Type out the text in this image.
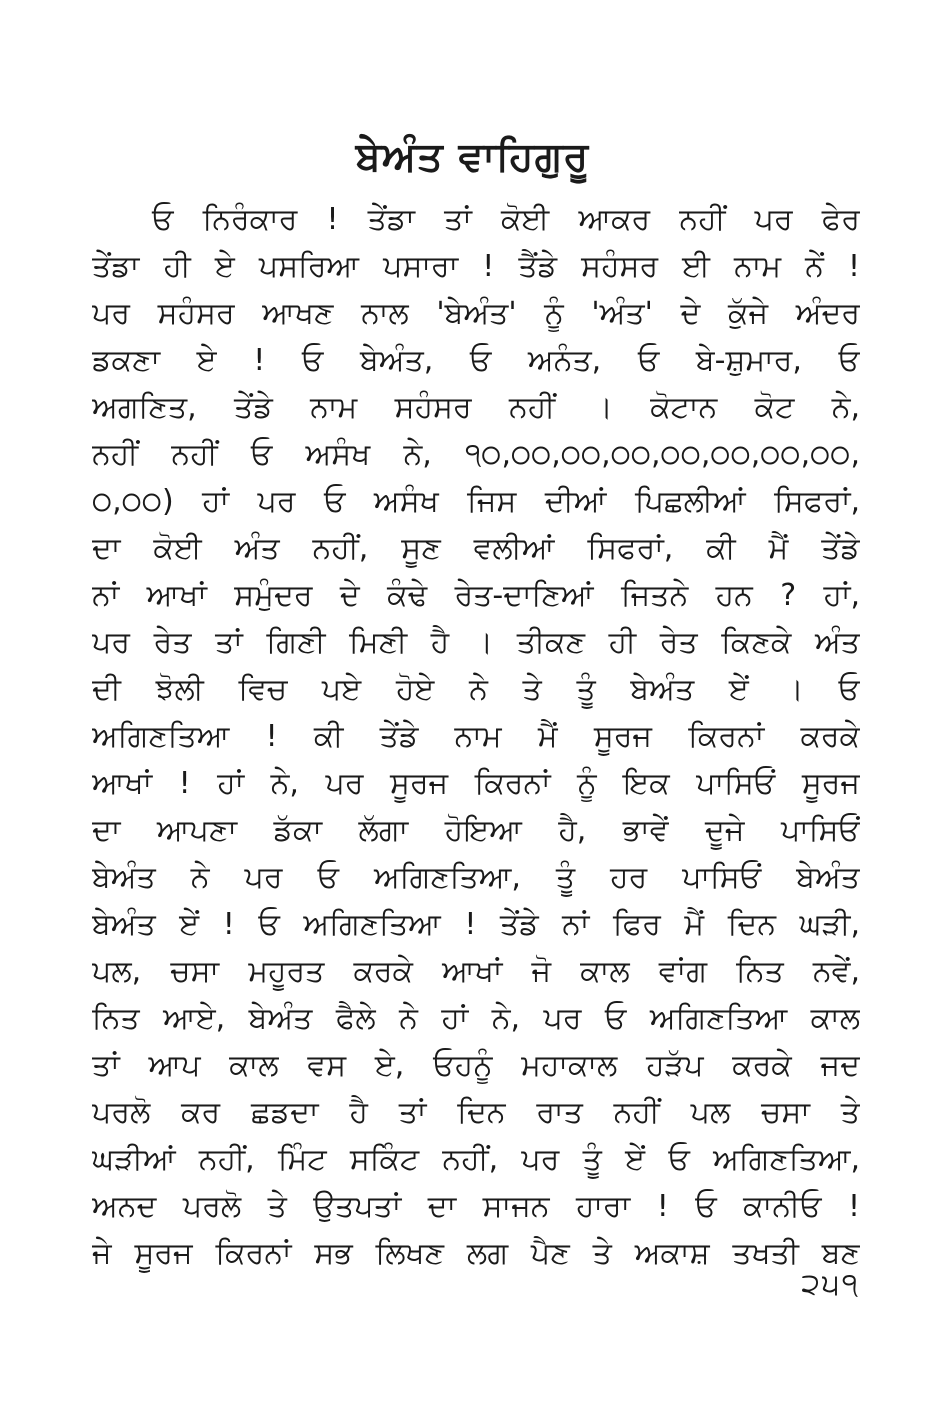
ਬੇਅੰਤ ਵਾਹਿਗੁਰੂ
ਓ ਨਿਰੰਕਾਰ ! ਤੇਂਡਾ ਤਾਂ ਕੋਈ ਆਕਰ ਨਹੀਂ ਪਰ ਫੇਰ
ਤੇਂਡਾ ਹੀ ਏ ਪਸਰਿਆ ਪਸਾਰਾ ! ਤੈਂਡੇ ਸਹੰਸਰ ਈ ਨਾਮ ਨੇਂ !
ਪਰ ਸਹੰਸਰ ਆਖਣ ਨਾਲ 'ਬੇਅੰਤ' ਨੂੰ 'ਅੰਤ' ਦੇ ਕੁੱਜੇ ਅੰਦਰ
ਡਕਣਾ ਏ ! ਓ ਬੇਅੰਤ, ਓ ਅਨੰਤ, ਓ ਬੇ-ਸ਼ੁਮਾਰ, ਓ
ਅਗਣਿਤ, ਤੇਂਡੇ ਨਾਮ ਸਹੰਸਰ ਨਹੀਂ । ਕੋਟਾਨ ਕੋਟ ਨੇ,
ਨਹੀਂ ਨਹੀਂ ਓ ਅਸੰਖ ਨੇ, ੧੦,੦੦,੦੦,੦੦,੦੦,੦੦,੦੦,੦੦,
੦,੦੦) ਹਾਂ ਪਰ ਓ ਅਸੰਖ ਜਿਸ ਦੀਆਂ ਪਿਛਲੀਆਂ ਸਿਫਰਾਂ,
ਦਾ ਕੋਈ ਅੰਤ ਨਹੀਂ, ਸੂਣ ਵਲੀਆਂ ਸਿਫਰਾਂ, ਕੀ ਮੈਂ ਤੇਂਡੇ
ਨਾਂ ਆਖਾਂ ਸਮੁੰਦਰ ਦੇ ਕੰਢੇ ਰੇਤ-ਦਾਣਿਆਂ ਜਿਤਨੇ ਹਨ ? ਹਾਂ,
ਪਰ ਰੇਤ ਤਾਂ ਗਿਣੀ ਮਿਣੀ ਹੈ । ਤੀਕਣ ਹੀ ਰੇਤ ਕਿਣਕੇ ਅੰਤ
ਦੀ ਝੋਲੀ ਵਿਚ ਪਏ ਹੋਏ ਨੇ ਤੇ ਤੂੰ ਬੇਅੰਤ ਏਂ । ਓ
ਅਗਿਣਤਿਆ ! ਕੀ ਤੇਂਡੇ ਨਾਮ ਮੈਂ ਸੂਰਜ ਕਿਰਨਾਂ ਕਰਕੇ
ਆਖਾਂ ! ਹਾਂ ਨੇ, ਪਰ ਸੂਰਜ ਕਿਰਨਾਂ ਨੂੰ ਇਕ ਪਾਸਿਓਂ ਸੂਰਜ
ਦਾ ਆਪਣਾ ਡੱਕਾ ਲੱਗਾ ਹੋਇਆ ਹੈ, ਭਾਵੇਂ ਦੂਜੇ ਪਾਸਿਓਂ
ਬੇਅੰਤ ਨੇ ਪਰ ਓ ਅਗਿਣਤਿਆ, ਤੂੰ ਹਰ ਪਾਸਿਓਂ ਬੇਅੰਤ
ਬੇਅੰਤ ਏਂ ! ਓ ਅਗਿਣਤਿਆ ! ਤੇਂਡੇ ਨਾਂ ਫਿਰ ਮੈਂ ਦਿਨ ਘੜੀ,
ਪਲ, ਚਸਾ ਮਹੂਰਤ ਕਰਕੇ ਆਖਾਂ ਜੋ ਕਾਲ ਵਾਂਗ ਨਿਤ ਨਵੇਂ,
ਨਿਤ ਆਏ, ਬੇਅੰਤ ਫੈਲੇ ਨੇ ਹਾਂ ਨੇ, ਪਰ ਓ ਅਗਿਣਤਿਆ ਕਾਲ
ਤਾਂ ਆਪ ਕਾਲ ਵਸ ਏ, ਓਹਨੂੰ ਮਹਾਕਾਲ ਹੜੱਪ ਕਰਕੇ ਜਦ
ਪਰਲੋ ਕਰ ਛਡਦਾ ਹੈ ਤਾਂ ਦਿਨ ਰਾਤ ਨਹੀਂ ਪਲ ਚਸਾ ਤੇ
ਘੜੀਆਂ ਨਹੀਂ, ਮਿੰਟ ਸਕਿੰਟ ਨਹੀਂ, ਪਰ ਤੂੰ ਏਂ ਓ ਅਗਿਣਤਿਆ,
ਅਨਦ ਪਰਲੋ ਤੇ ਉਤਪਤਾਂ ਦਾ ਸਾਜਨ ਹਾਰਾ ! ਓ ਕਾਨੀਓ !
ਜੇ ਸੂਰਜ ਕਿਰਨਾਂ ਸਭ ਲਿਖਣ ਲਗ ਪੈਣ ਤੇ ਅਕਾਸ਼ ਤਖਤੀ ਬਣ
੨੫੧
